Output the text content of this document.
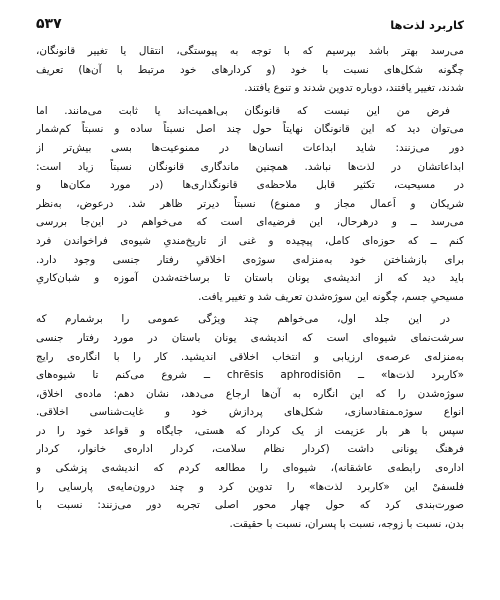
کاربرد لذت‌ها
۵۳۷
می‌رسد بهتر باشد بپرسیم که با توجه به پیوستگی، انتقال یا تغییر قانونگان،
چگونه شکل‌های نسبت با خود (و کردارهای خود مرتبط با آن‌ها) تعریف
شدند، تغییر یافتند، دوباره تدوین شدند و تنوع یافتند.
فرض من این نیست که قانونگان بی‌اهمیت‌اند یا ثابت می‌مانند. اما
می‌توان دید که این قانونگان نهایتاً حول چند اصل نسبتاً ساده و نسبتاً کم‌شمار
دور می‌زنند: شاید ابداعات انسان‌ها در ممنوعیت‌ها بسی بیش‌تر از
ابداعاتشان در لذت‌ها نباشد. همچنین ماندگاری قانونگان نسبتاً زیاد است:
در مسیحیت، تکثیر قابل ملاحظه‌ی قانونگذاری‌ها (در مورد مکان‌ها و
شریکان و اَعمال مجاز و ممنوع) نسبتاً دیرتر ظاهر شد. درعوض، به‌نظر
می‌رسد ــ و درهرحال، این فرضیه‌ای است که می‌خواهم در این‌جا بررسی
کنم ــ که حوزه‌ای کامل، پیچیده و غنی از تاریخ‌مندیِ شیوه‌ی فراخواندن فرد
برای بازشناختن خود به‌منزله‌ی سوژه‌ی اخلاقیِ رفتار جنسی وجود دارد.
باید دید که از اندیشه‌ی یونان باستان تا برساخته‌شدن آموزه و شبان‌کاریِ
مسیحیِ جسم، چگونه این سوژه‌شدن تعریف شد و تغییر یافت.
در این جلد اول، می‌خواهم چند ویژگی عمومی را برشمارم که
سرشت‌نمای شیوه‌ای است که اندیشه‌ی یونان باستان در مورد رفتار جنسی
به‌منزله‌ی عرصه‌ی ارزیابی و انتخاب اخلاقی اندیشید. کار را با انگاره‌ی رایج
«کاربرد لذت‌ها» ــ chrēsis aphrodisiōn ــ شروع می‌کنم تا شیوه‌های
سوژه‌شدن را که این انگاره به آن‌ها ارجاع می‌دهد، نشان دهم: ماده‌ی اخلاق،
انواع سوژه‌ـمنقادسازی، شکل‌های پردازش خود و غایت‌شناسی اخلاقی.
سپس با هر بار عزیمت از یک کردار که هستی، جایگاه و قواعد خود را در
فرهنگ یونانی داشت (کردار نظام سلامت، کردار اداره‌ی خانوار، کردار
اداره‌ی رابطه‌ی عاشقانه)، شیوه‌ای را مطالعه کردم که اندیشه‌ی پزشکی و
فلسفیْ این «کاربرد لذت‌ها» را تدوین کرد و چند درون‌مایه‌ی پارسایی را
صورت‌بندی کرد که حول چهار محور اصلی تجربه دور می‌زنند: نسبت با
بدن، نسبت با زوجه، نسبت با پسران، نسبت با حقیقت.
